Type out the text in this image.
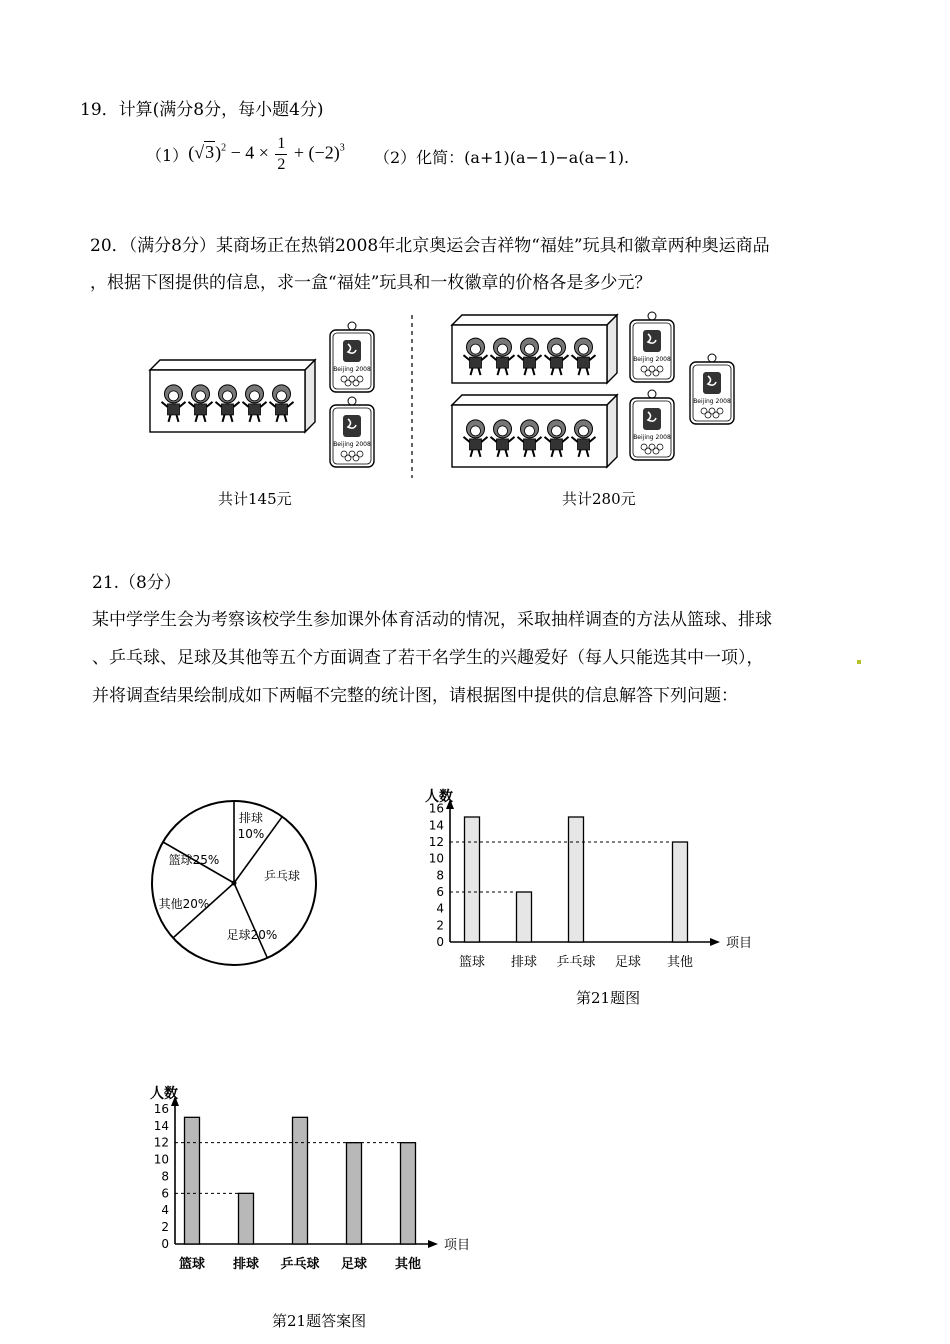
19．计算(满分8分，每小题4分)
（1） $(√3)^2 - 4 \times \frac{1}{2} + (-2)^3$
（2）化简：(a+1)(a−1)−a(a−1).
20．（满分8分）某商场正在热销2008年北京奥运会吉祥物“福娃”玩具和徽章两种奥运商品
，根据下图提供的信息，求一盒“福娃”玩具和一枚徽章的价格各是多少元？
Beijing 2008
Beijing 2008
Beijing 2008
Beijing 2008
Beijing 2008
共计145元	共计280元
21.（8分）
某中学学生会为考察该校学生参加课外体育活动的情况，采取抽样调查的方法从篮球、排球
、乒乓球、足球及其他等五个方面调查了若干名学生的兴趣爱好（每人只能选其中一项），
并将调查结果绘制成如下两幅不完整的统计图，请根据图中提供的信息解答下列问题：
排球
10%
乒乓球
足球20%
其他20%
篮球25%
人数
项目
0
2
4
6
8
10
12
14
16
篮球 排球 乒乓球 足球 其他
第21题图
人数
项目
0
2
4
6
8
10
12
14
16
篮球 排球 乒乓球 足球 其他
第21题答案图
